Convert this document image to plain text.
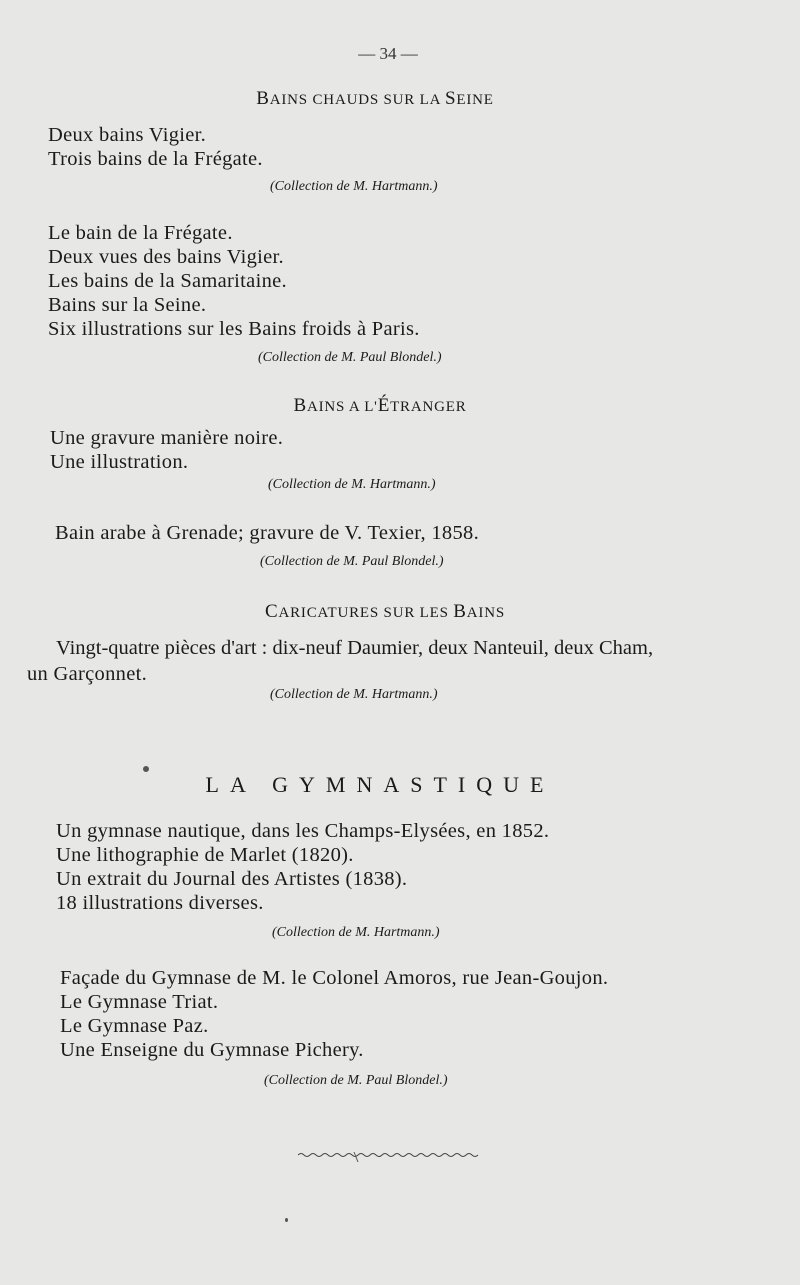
— 34 —
BAINS CHAUDS SUR LA SEINE
Deux bains Vigier.
Trois bains de la Frégate.
(Collection de M. Hartmann.)
Le bain de la Frégate.
Deux vues des bains Vigier.
Les bains de la Samaritaine.
Bains sur la Seine.
Six illustrations sur les Bains froids à Paris.
(Collection de M. Paul Blondel.)
BAINS A L'ÉTRANGER
Une gravure manière noire.
Une illustration.
(Collection de M. Hartmann.)
Bain arabe à Grenade; gravure de V. Texier, 1858.
(Collection de M. Paul Blondel.)
CARICATURES SUR LES BAINS
Vingt-quatre pièces d'art : dix-neuf Daumier, deux Nanteuil, deux Cham,
un Garçonnet.
(Collection de M. Hartmann.)
LA GYMNASTIQUE
Un gymnase nautique, dans les Champs-Elysées, en 1852.
Une lithographie de Marlet (1820).
Un extrait du Journal des Artistes (1838).
18 illustrations diverses.
(Collection de M. Hartmann.)
Façade du Gymnase de M. le Colonel Amoros, rue Jean-Goujon.
Le Gymnase Triat.
Le Gymnase Paz.
Une Enseigne du Gymnase Pichery.
(Collection de M. Paul Blondel.)
